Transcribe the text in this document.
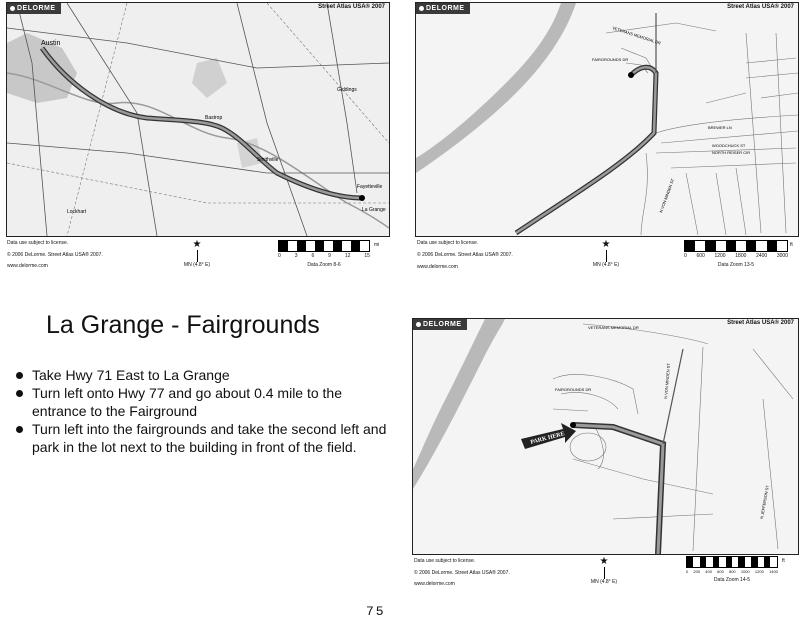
Austin
Giddings
Bastrop
Smithville
Fayetteville
La Grange
Lockhart
DELORME	Street Atlas USA® 2007
Data use subject to license.
© 2006 DeLorme. Street Atlas USA® 2007.
www.delorme.com
★
MN (4.8° E)
0	3	6	9	12	15
mi
Data Zoom 8-6
VETERANS MEMORIAL DR
FAIRGROUNDS DR
BREWER LN
N VON MINDEN ST
WOODCHUCK ST
NORTH REISER CIR
DELORME	Street Atlas USA® 2007
Data use subject to license.
© 2006 DeLorme. Street Atlas USA® 2007.
www.delorme.com
★
MN (4.8° E)
0 600 1200 1800 2400 3000
ft
Data Zoom 13-5
La Grange - Fairgrounds
Take Hwy 71 East to La Grange
Turn left onto Hwy 77 and go about 0.4 mile to the entrance to the Fairground
Turn left into the fairgrounds and take the second left and park in the lot next to the building in front of the field.
PARK HERE
VETERANS MEMORIAL DR
FAIRGROUNDS DR	N VON MINDEN ST
N JEFFERSON ST
DELORME	Street Atlas USA® 2007
Data use subject to license.
© 2006 DeLorme. Street Atlas USA® 2007.
www.delorme.com
★
MN (4.8° E)
0 200 400 600 800 1000 1200 1400
ft
Data Zoom 14-5
75
